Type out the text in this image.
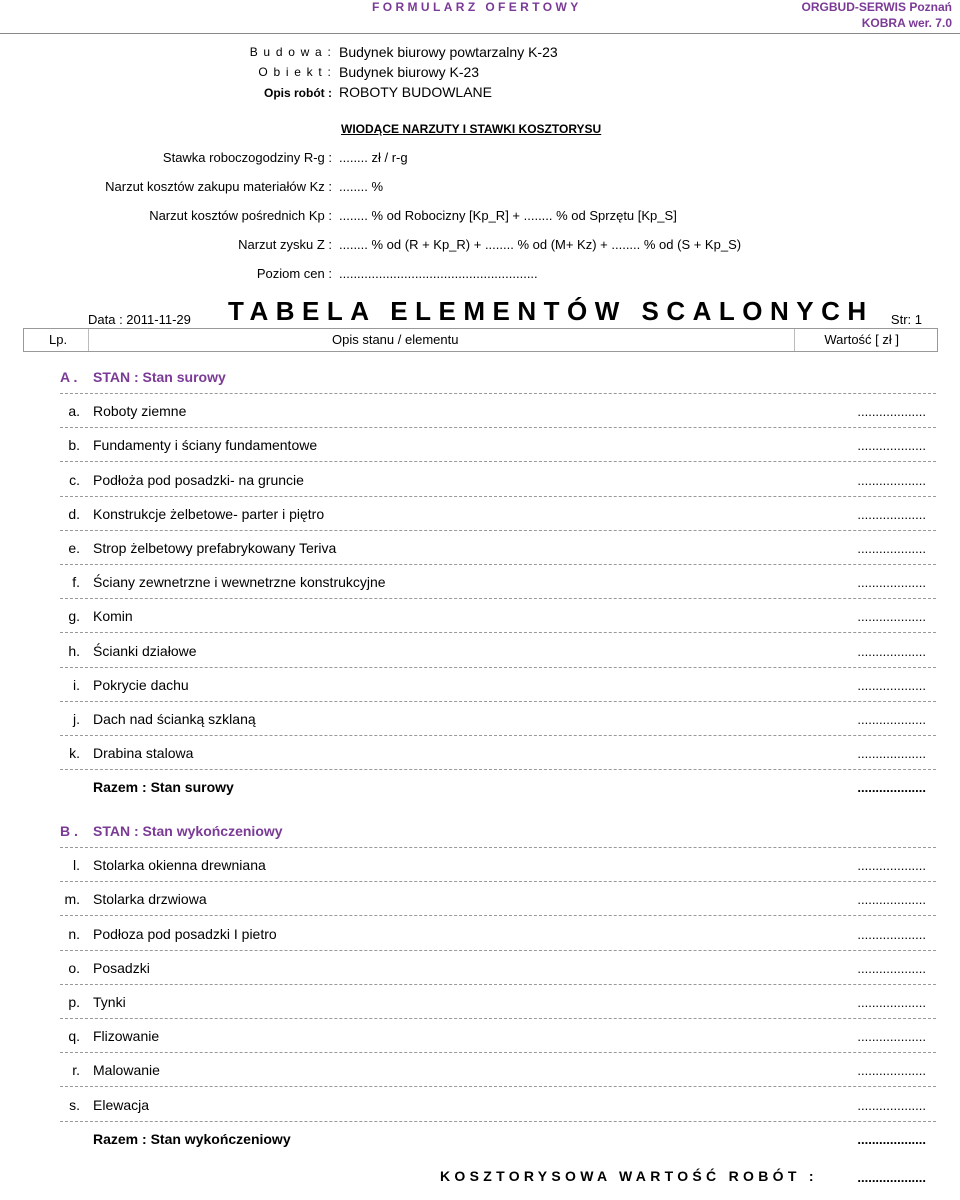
FORMULARZ OFERTOWY	ORGBUD-SERWIS Poznań
KOBRA wer. 7.0
B u d o w a : Budynek biurowy powtarzalny K-23
O b i e k t : Budynek biurowy K-23
Opis robót : ROBOTY BUDOWLANE
WIODĄCE NARZUTY I STAWKI KOSZTORYSU
Stawka roboczogodziny R-g : ........ zł / r-g
Narzut kosztów zakupu materiałów Kz : ........ %
Narzut kosztów pośrednich Kp : ........ % od Robocizny [Kp_R] + ........ % od Sprzętu [Kp_S]
Narzut zysku Z : ........ % od (R + Kp_R) + ........ % od (M+ Kz) + ........ % od (S + Kp_S)
Poziom cen : .......................................................
Data : 2011-11-29 TABELA ELEMENTÓW SCALONYCH Str: 1
Lp.	Opis stanu / elementu	Wartość [ zł ]
A . STAN : Stan surowy
a. Roboty ziemne	...................
b. Fundamenty i ściany fundamentowe	...................
c. Podłoża pod posadzki- na gruncie	...................
d. Konstrukcje żelbetowe- parter i piętro	...................
e. Strop żelbetowy prefabrykowany Teriva	...................
f. Ściany zewnetrzne i wewnetrzne konstrukcyjne	...................
g. Komin	...................
h. Ścianki działowe	...................
i. Pokrycie dachu	...................
j. Dach nad ścianką szklaną	...................
k. Drabina stalowa	...................
Razem : Stan surowy	...................
B . STAN : Stan wykończeniowy
l. Stolarka okienna drewniana	...................
m. Stolarka drzwiowa	...................
n. Podłoza pod posadzki I pietro	...................
o. Posadzki	...................
p. Tynki	...................
q. Flizowanie	...................
r. Malowanie	...................
s. Elewacja	...................
Razem : Stan wykończeniowy	...................
KOSZTORYSOWA WARTOŚĆ ROBÓT :	...................
